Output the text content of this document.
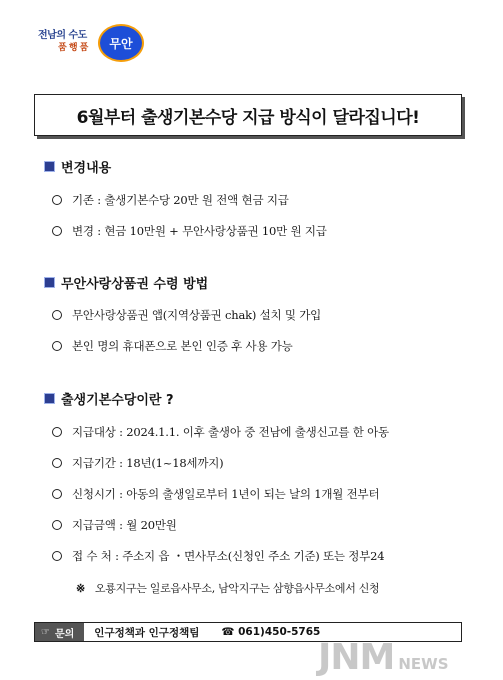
전남의 수도
품 행 품	무안
6월부터 출생기본수당 지급 방식이 달라집니다!
변경내용
기존 : 출생기본수당 20만 원 전액 현금 지급
변경 : 현금 10만원 + 무안사랑상품권 10만 원 지급
무안사랑상품권 수령 방법
무안사랑상품권 앱(지역상품권 chak) 설치 및 가입
본인 명의 휴대폰으로 본인 인증 후 사용 가능
출생기본수당이란 ?
지급대상 : 2024.1.1. 이후 출생아 중 전남에 출생신고를 한 아동
지급기간 : 18년(1~18세까지)
신청시기 : 아동의 출생일로부터 1년이 되는 날의 1개월 전부터
지급금액 : 월 20만원
접 수 처 : 주소지 읍 ・면사무소(신청인 주소 기준) 또는 정부24
※ 오룡지구는 일로읍사무소, 남악지구는 삼향읍사무소에서 신청
☞ 문의 인구정책과 인구정책팀 ☎ 061)450-5765
JNM NEWS
